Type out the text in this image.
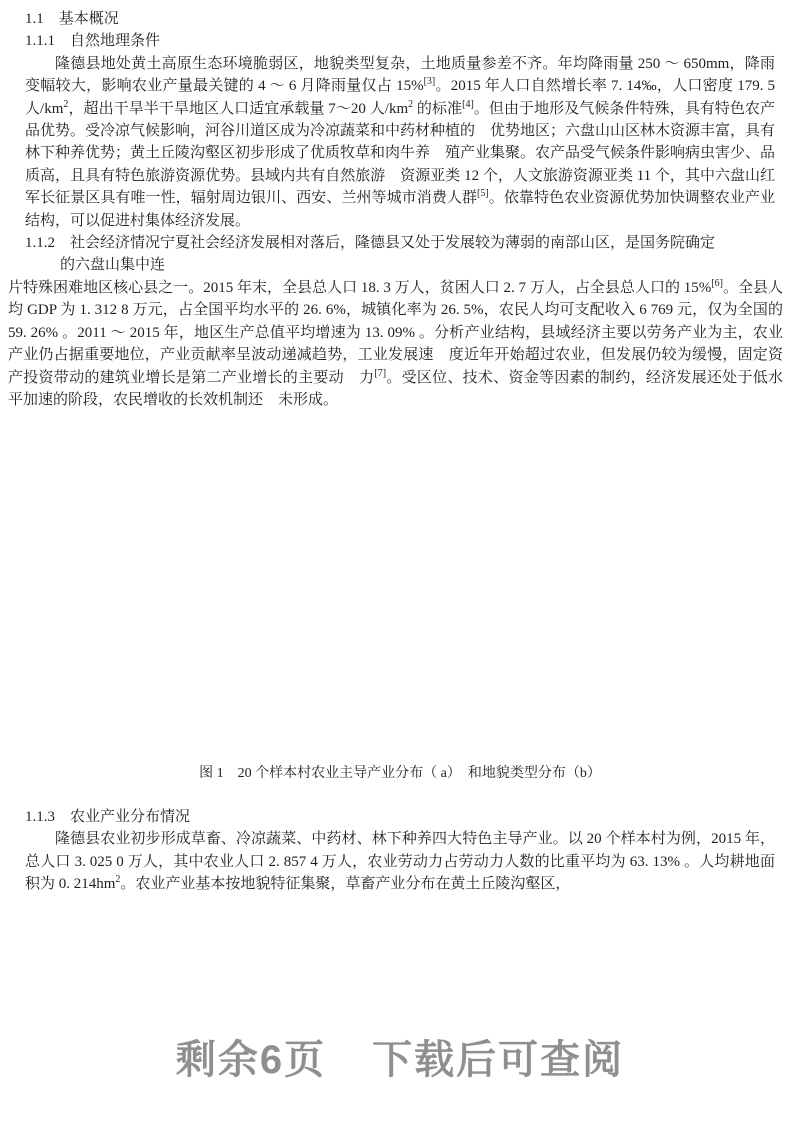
1.1　基本概况
1.1.1　自然地理条件
隆德县地处黄土高原生态环境脆弱区，地貌类型复杂，土地质量参差不齐。年均降雨量 250 ～ 650mm，降雨变幅较大，影响农业产量最关键的 4 ～ 6 月降雨量仅占 15%[3]。2015 年人口自然增长率 7. 14‰，人口密度 179. 5 人$/km^2$，超出干旱半干旱地区人口适宜承载量 7～20 人$/km^2$ 的标准[4]。但由于地形及气候条件特殊，具有特色农产品优势。受冷凉气候影响，河谷川道区成为冷凉蔬菜和中药材种植的　优势地区；六盘山山区林木资源丰富，具有林下种养优势；黄土丘陵沟壑区初步形成了优质牧草和肉牛养　殖产业集聚。农产品受气候条件影响病虫害少、品质高，且具有特色旅游资源优势。县域内共有自然旅游　资源亚类 12 个，人文旅游资源亚类 11 个，其中六盘山红军长征景区具有唯一性，辐射周边银川、西安、兰州等城市消费人群[5]。依靠特色农业资源优势加快调整农业产业结构，可以促进村集体经济发展。
1.1.2　社会经济情况宁夏社会经济发展相对落后，隆德县又处于发展较为薄弱的南部山区，是国务院确定
的六盘山集中连
片特殊困难地区核心县之一。2015 年末，全县总人口 18. 3 万人，贫困人口 2. 7 万人，占全县总人口的 15%[6]。全县人均 GDP 为 1. 312 8 万元，占全国平均水平的 26. 6%，城镇化率为 26. 5%，农民人均可支配收入 6 769 元，仅为全国的 59. 26% 。2011 ～ 2015 年，地区生产总值平均增速为 13. 09% 。分析产业结构，县域经济主要以劳务产业为主，农业产业仍占据重要地位，产业贡献率呈波动递减趋势，工业发展速　度近年开始超过农业，但发展仍较为缓慢，固定资产投资带动的建筑业增长是第二产业增长的主要动　力[7]。受区位、技术、资金等因素的制约，经济发展还处于低水平加速的阶段，农民增收的长效机制还　未形成。
图 1　20 个样本村农业主导产业分布（ a）　和地貌类型分布（b）
1.1.3　农业产业分布情况
隆德县农业初步形成草畜、冷凉蔬菜、中药材、林下种养四大特色主导产业。以 20 个样本村为例，2015 年，总人口 3. 025 0 万人，其中农业人口 2. 857 4 万人，农业劳动力占劳动力人数的比重平均为 63. 13% 。人均耕地面积为 0. $214hm^2$。农业产业基本按地貌特征集聚，草畜产业分布在黄土丘陵沟壑区，
剩余6页 下载后可查阅
